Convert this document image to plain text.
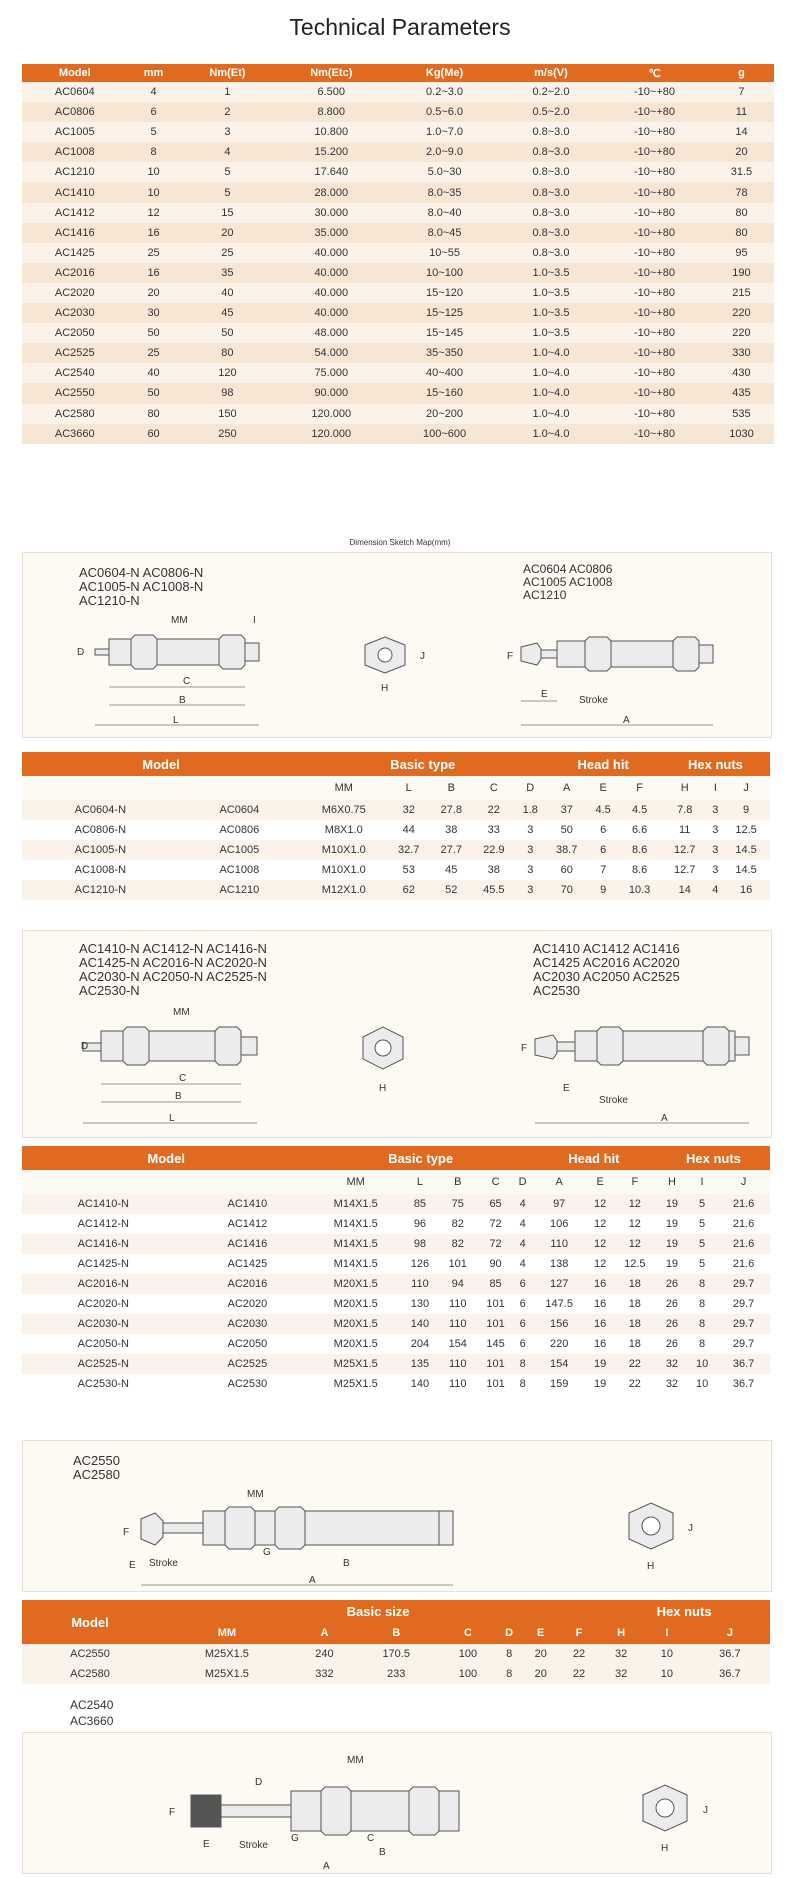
Technical Parameters
Model	mm	Nm(Et)	Nm(Etc)	Kg(Me)	m/s(V)	℃	g
AC0604	4	1	6.500	0.2~3.0	0.2~2.0	-10~+80	7
AC0806	6	2	8.800	0.5~6.0	0.5~2.0	-10~+80	11
AC1005	5	3	10.800	1.0~7.0	0.8~3.0	-10~+80	14
AC1008	8	4	15.200	2.0~9.0	0.8~3.0	-10~+80	20
AC1210	10	5	17.640	5.0~30	0.8~3.0	-10~+80	31.5
AC1410	10	5	28.000	8.0~35	0.8~3.0	-10~+80	78
AC1412	12	15	30.000	8.0~40	0.8~3.0	-10~+80	80
AC1416	16	20	35.000	8.0~45	0.8~3.0	-10~+80	80
AC1425	25	25	40.000	10~55	0.8~3.0	-10~+80	95
AC2016	16	35	40.000	10~100	1.0~3.5	-10~+80	190
AC2020	20	40	40.000	15~120	1.0~3.5	-10~+80	215
AC2030	30	45	40.000	15~125	1.0~3.5	-10~+80	220
AC2050	50	50	48.000	15~145	1.0~3.5	-10~+80	220
AC2525	25	80	54.000	35~350	1.0~4.0	-10~+80	330
AC2540	40	120	75.000	40~400	1.0~4.0	-10~+80	430
AC2550	50	98	90.000	15~160	1.0~4.0	-10~+80	435
AC2580	80	150	120.000	20~200	1.0~4.0	-10~+80	535
AC3660	60	250	120.000	100~600	1.0~4.0	-10~+80	1030
Dimension Sketch Map(mm)
AC0604-N AC0806-N
AC1005-N AC1008-N
AC1210-N
AC0604 AC0806
AC1005 AC1008
AC1210
MM	I
D
C
B
L
J
H
F
E
Stroke
A
Model		Basic type					Head hit			Hex nuts		
		MM	L	B	C	D	A	E	F	H	I	J
AC0604-N	AC0604	M6X0.75	32	27.8	22	1.8	37	4.5	4.5	7.8	3	9
AC0806-N	AC0806	M8X1.0	44	38	33	3	50	6	6.6	11	3	12.5
AC1005-N	AC1005	M10X1.0	32.7	27.7	22.9	3	38.7	6	8.6	12.7	3	14.5
AC1008-N	AC1008	M10X1.0	53	45	38	3	60	7	8.6	12.7	3	14.5
AC1210-N	AC1210	M12X1.0	62	52	45.5	3	70	9	10.3	14	4	16
AC1410-N AC1412-N AC1416-N
AC1425-N AC2016-N AC2020-N
AC2030-N AC2050-N AC2525-N
AC2530-N
AC1410 AC1412 AC1416
AC1425 AC2016 AC2020
AC2030 AC2050 AC2525
AC2530
MM
D
C
B
L
H
F
E
Stroke
A
Model		Basic type					Head hit			Hex nuts		
		MM	L	B	C	D	A	E	F	H	I	J
AC1410-N	AC1410	M14X1.5	85	75	65	4	97	12	12	19	5	21.6
AC1412-N	AC1412	M14X1.5	96	82	72	4	106	12	12	19	5	21.6
AC1416-N	AC1416	M14X1.5	98	82	72	4	110	12	12	19	5	21.6
AC1425-N	AC1425	M14X1.5	126	101	90	4	138	12	12.5	19	5	21.6
AC2016-N	AC2016	M20X1.5	110	94	85	6	127	16	18	26	8	29.7
AC2020-N	AC2020	M20X1.5	130	110	101	6	147.5	16	18	26	8	29.7
AC2030-N	AC2030	M20X1.5	140	110	101	6	156	16	18	26	8	29.7
AC2050-N	AC2050	M20X1.5	204	154	145	6	220	16	18	26	8	29.7
AC2525-N	AC2525	M25X1.5	135	110	101	8	154	19	22	32	10	36.7
AC2530-N	AC2530	M25X1.5	140	110	101	8	159	19	22	32	10	36.7
AC2550
AC2580
MM
F
E Stroke
G
B
A
J
H
Model	Basic size							Hex nuts		
	MM	A	B	C	D	E	F	H	I	J
AC2550	M25X1.5	240	170.5	100	8	20	22	32	10	36.7
AC2580	M25X1.5	332	233	100	8	20	22	32	10	36.7
AC2540
AC3660
MM
D
F
E	Stroke
G	C
B
A
J
H
